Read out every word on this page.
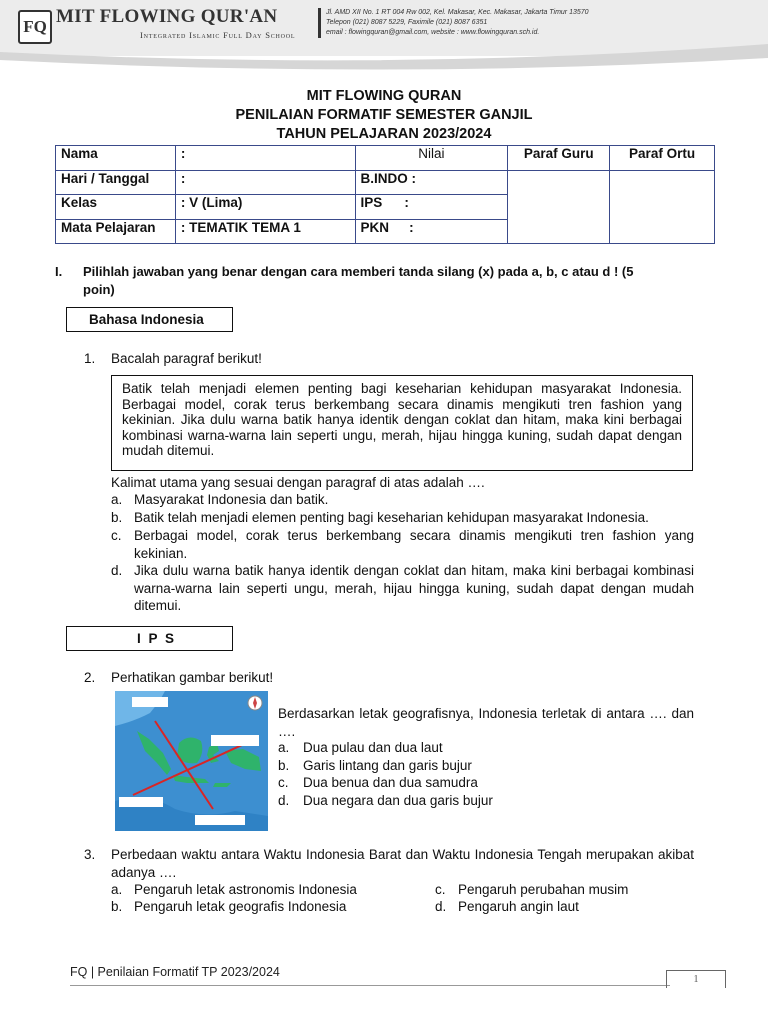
FQ MIT FLOWING QUR'AN
Integrated Islamic Full Day School
Jl. AMD XII No. 1 RT 004 Rw 002, Kel. Makasar, Kec. Makasar, Jakarta Timur 13570
Telepon (021) 8087 5229, Faximile (021) 8087 6351
email : flowingquran@gmail.com, website : www.flowingquran.sch.id.
MIT FLOWING QURAN
PENILAIAN FORMATIF SEMESTER GANJIL
TAHUN PELAJARAN 2023/2024
Nama	:	Nilai	Paraf Guru	Paraf Ortu
Hari / Tanggal	:	B.INDO :		
Kelas	: V (Lima)	IPS :		
Mata Pelajaran	: TEMATIK TEMA 1	PKN :		
I. Pilihlah jawaban yang benar dengan cara memberi tanda silang (x) pada a, b, c atau d ! (5
poin)
Bahasa Indonesia
1. Bacalah paragraf berikut!
Batik telah menjadi elemen penting bagi keseharian kehidupan masyarakat Indonesia. Berbagai model, corak terus berkembang secara dinamis mengikuti tren fashion yang kekinian. Jika dulu warna batik hanya identik dengan coklat dan hitam, maka kini berbagai kombinasi warna-warna lain seperti ungu, merah, hijau hingga kuning, sudah dapat dengan mudah ditemui.
Kalimat utama yang sesuai dengan paragraf di atas adalah ….
a. Masyarakat Indonesia dan batik.
b. Batik telah menjadi elemen penting bagi keseharian kehidupan masyarakat Indonesia.
c. Berbagai model, corak terus berkembang secara dinamis mengikuti tren fashion yang kekinian.
d. Jika dulu warna batik hanya identik dengan coklat dan hitam, maka kini berbagai kombinasi warna-warna lain seperti ungu, merah, hijau hingga kuning, sudah dapat dengan mudah ditemui.
I P S
2. Perhatikan gambar berikut!
Berdasarkan letak geografisnya, Indonesia terletak di antara …. dan ….
a. Dua pulau dan dua laut
b. Garis lintang dan garis bujur
c. Dua benua dan dua samudra
d. Dua negara dan dua garis bujur
3. Perbedaan waktu antara Waktu Indonesia Barat dan Waktu Indonesia Tengah merupakan akibat adanya ….
a. Pengaruh letak astronomis Indonesia
b. Pengaruh letak geografis Indonesia
c. Pengaruh perubahan musim
d. Pengaruh angin laut
FQ | Penilaian Formatif TP 2023/2024
1
